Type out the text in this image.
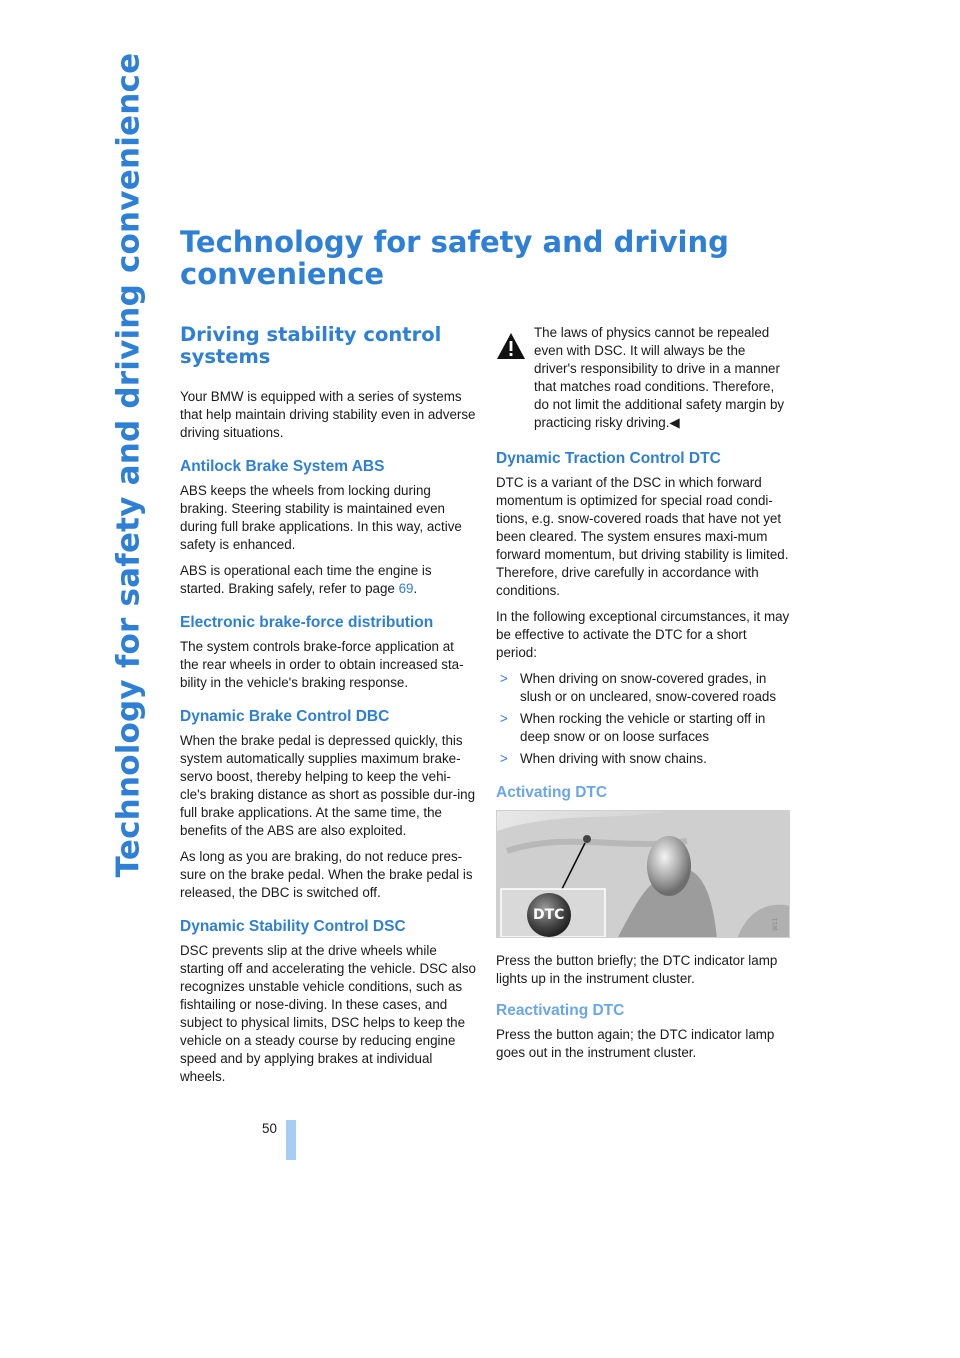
Technology for safety and driving convenience Technology for safety and driving convenience
Driving stability control systems

Your BMW is equipped with a series of systems that help maintain driving stability even in adverse driving situations.

Antilock Brake System ABS

ABS keeps the wheels from locking during braking. Steering stability is maintained even during full brake applications. In this way, active safety is enhanced.

ABS is operational each time the engine is started. Braking safely, refer to page 69.

Electronic brake-force distribution

The system controls brake-force application at the rear wheels in order to obtain increased sta-bility in the vehicle's braking response.

Dynamic Brake Control DBC

When the brake pedal is depressed quickly, this system automatically supplies maximum brake-servo boost, thereby helping to keep the vehi-cle's braking distance as short as possible dur-ing full brake applications. At the same time, the benefits of the ABS are also exploited.

As long as you are braking, do not reduce pres-sure on the brake pedal. When the brake pedal is released, the DBC is switched off.

Dynamic Stability Control DSC

DSC prevents slip at the drive wheels while starting off and accelerating the vehicle. DSC also recognizes unstable vehicle conditions, such as fishtailing or nose-diving. In these cases, and subject to physical limits, DSC helps to keep the vehicle on a steady course by reducing engine speed and by applying brakes at individual wheels.

The laws of physics cannot be repealed even with DSC. It will always be the driver's responsibility to drive in a manner that matches road conditions. Therefore, do not limit the additional safety margin by practicing risky driving.◀

Dynamic Traction Control DTC

DTC is a variant of the DSC in which forward momentum is optimized for special road condi-tions, e.g. snow-covered roads that have not yet been cleared. The system ensures maxi-mum forward momentum, but driving stability is limited. Therefore, drive carefully in accordance with conditions.

In the following exceptional circumstances, it may be effective to activate the DTC for a short period:

> When driving on snow-covered grades, in slush or on uncleared, snow-covered roads
> When rocking the vehicle or starting off in deep snow or on loose surfaces
> When driving with snow chains.
Activating DTC
W11
DTC

Press the button briefly; the DTC indicator lamp lights up in the instrument cluster.

Reactivating DTC

Press the button again; the DTC indicator lamp goes out in the instrument cluster.

50
